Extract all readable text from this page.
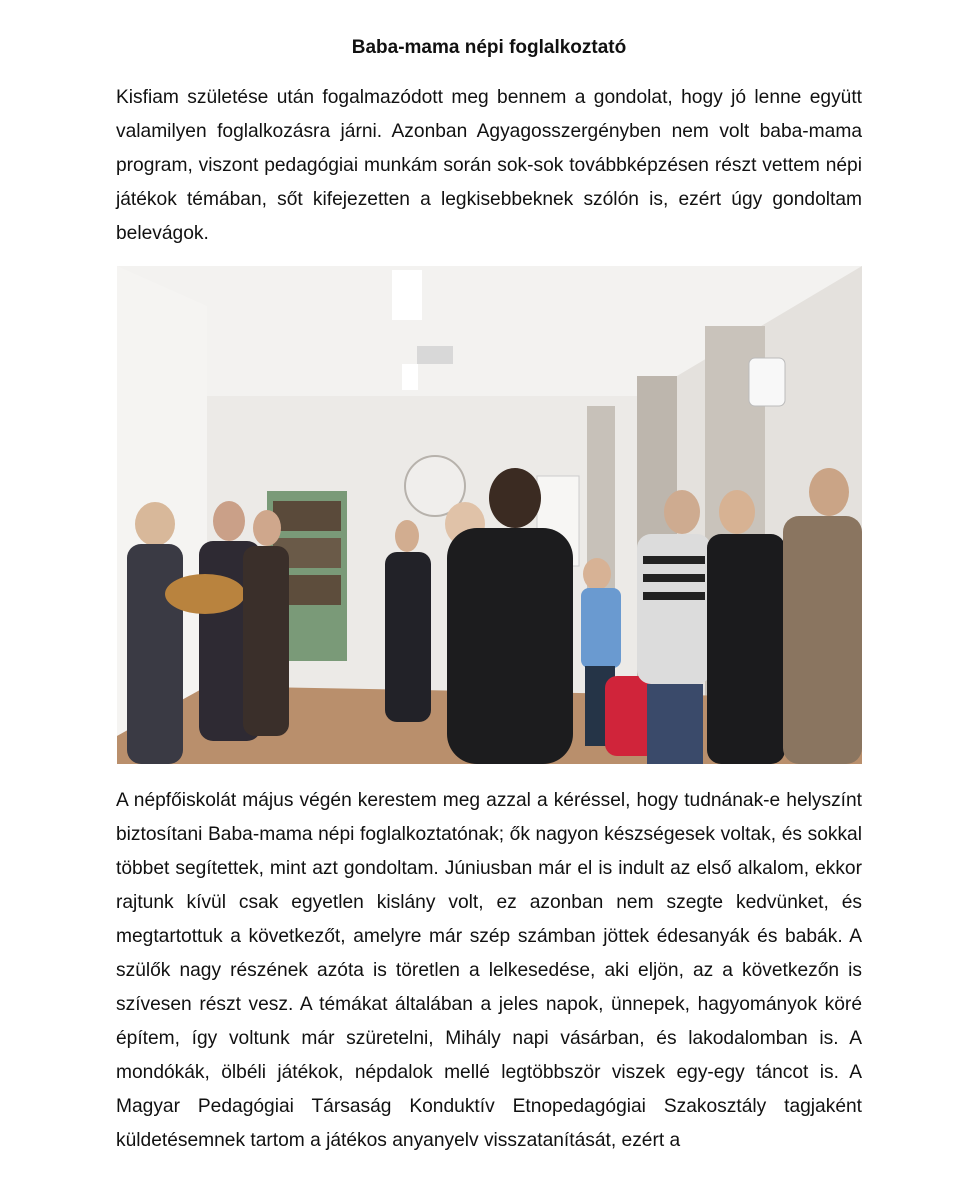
Baba-mama népi foglalkoztató

Kisfiam születése után fogalmazódott meg bennem a gondolat, hogy jó lenne együtt valamilyen foglalkozásra járni. Azonban Agyagosszergényben nem volt baba-mama program, viszont pedagógiai munkám során sok-sok továbbképzésen részt vettem népi játékok témában, sőt kifejezetten a legkisebbeknek szólón is, ezért úgy gondoltam belevágok.

A népfőiskolát május végén kerestem meg azzal a kéréssel, hogy tudnának-e helyszínt biztosítani Baba-mama népi foglalkoztatónak; ők nagyon készségesek voltak, és sokkal többet segítettek, mint azt gondoltam. Júniusban már el is indult az első alkalom, ekkor rajtunk kívül csak egyetlen kislány volt, ez azonban nem szegte kedvünket, és megtartottuk a következőt, amelyre már szép számban jöttek édesanyák és babák. A szülők nagy részének azóta is töretlen a lelkesedése, aki eljön, az a következőn is szívesen részt vesz. A témákat általában a jeles napok, ünnepek, hagyományok köré építem, így voltunk már szüretelni, Mihály napi vásárban, és lakodalomban is. A mondókák, ölbéli játékok, népdalok mellé legtöbbször viszek egy-egy táncot is. A Magyar Pedagógiai Társaság Konduktív Etnopedagógiai Szakosztály tagjaként küldetésemnek tartom a játékos anyanyelv visszatanítását, ezért a
